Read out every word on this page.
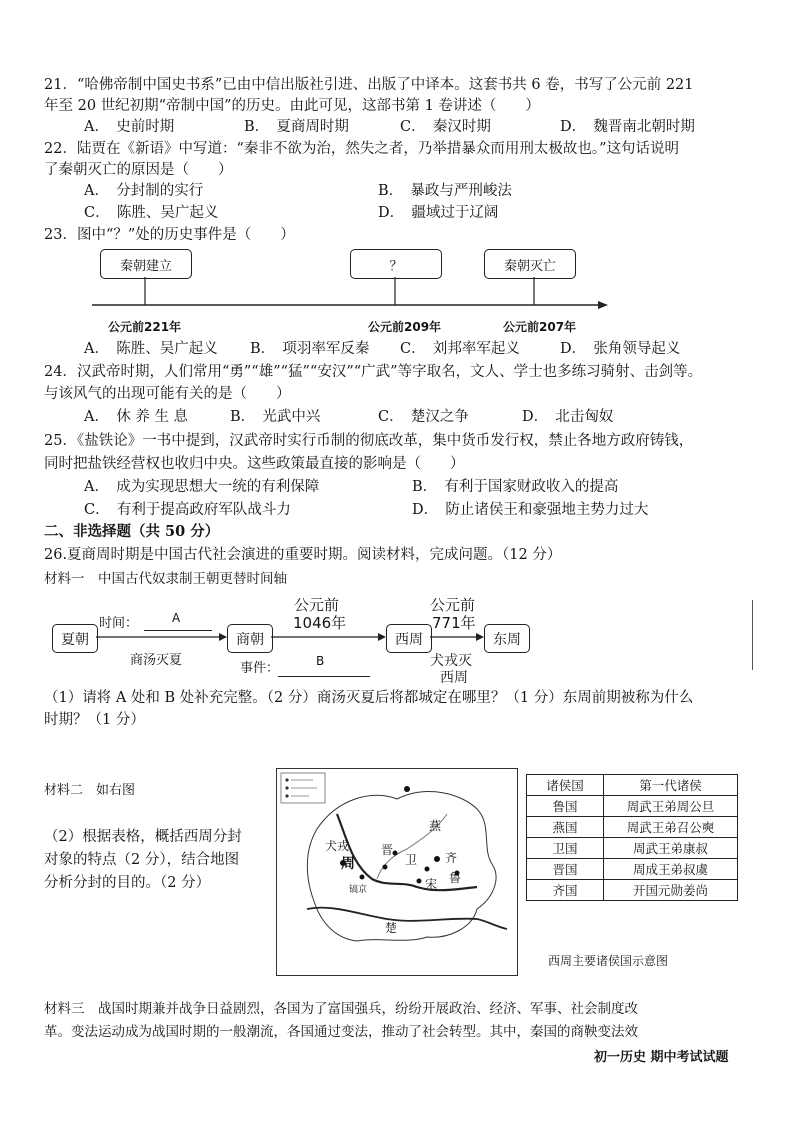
21．“哈佛帝制中国史书系”已由中信出版社引进、出版了中译本。这套书共 6 卷，书写了公元前 221
年至 20 世纪初期“帝制中国”的历史。由此可见，这部书第 1 卷讲述（　　）
A．　史前时期	B．　夏商周时期	C．　秦汉时期	D．　魏晋南北朝时期
22．陆贾在《新语》中写道：“秦非不欲为治，然失之者，乃举措暴众而用刑太极故也。”这句话说明
了秦朝灭亡的原因是（　　）
A．　分封制的实行	B．　暴政与严刑峻法
C．　陈胜、吴广起义	D．　疆域过于辽阔
23．图中“？”处的历史事件是（　　）
秦朝建立	？	秦朝灭亡
公元前221年	公元前209年	公元前207年
A．　陈胜、吴广起义 B．　项羽率军反秦 C．　刘邦率军起义	D．　张角领导起义
24．汉武帝时期，人们常用“勇”“雄”“猛”“安汉”“广武”等字取名，文人、学士也多练习骑射、击剑等。
与该风气的出现可能有关的是（　　）
A．　休 养 生 息	B．　光武中兴	C．　楚汉之争	D．　北击匈奴
25．《盐铁论》一书中提到，汉武帝时实行币制的彻底改革，集中货币发行权，禁止各地方政府铸钱，
同时把盐铁经营权也收归中央。这些政策最直接的影响是（　　）
A．　成为实现思想大一统的有利保障	B．　有利于国家财政收入的提高
C．　有利于提高政府军队战斗力	D．　防止诸侯王和豪强地主势力过大
二、非选择题（共 50 分）
26.夏商周时期是中国古代社会演进的重要时期。阅读材料，完成问题。（12 分）
材料一　中国古代奴隶制王朝更替时间轴
夏朝	商朝	西周	东周
时间：	A
商汤灭夏
公元前
1046年
事件：	B
公元前
771年
犬戎灭
西周
（1）请将 A 处和 B 处补充完整。（2 分）商汤灭夏后将都城定在哪里？（1 分）东周前期被称为什么
时期？（1 分）
材料二　如右图
（2）根据表格，概括西周分封
对象的特点（2 分），结合地图
分析分封的目的。（2 分）
燕
犬戎
周
镐京
卫
晋
齐
鲁
宋
楚
诸侯国	第一代诸侯
鲁国	周武王弟周公旦
燕国	周武王弟召公奭
卫国	周武王弟康叔
晋国	周成王弟叔虞
齐国	开国元勋姜尚
西周主要诸侯国示意图
材料三　战国时期兼并战争日益剧烈，各国为了富国强兵，纷纷开展政治、经济、军事、社会制度改
革。变法运动成为战国时期的一般潮流，各国通过变法，推动了社会转型。其中，秦国的商鞅变法效
初一历史 期中考试试题
